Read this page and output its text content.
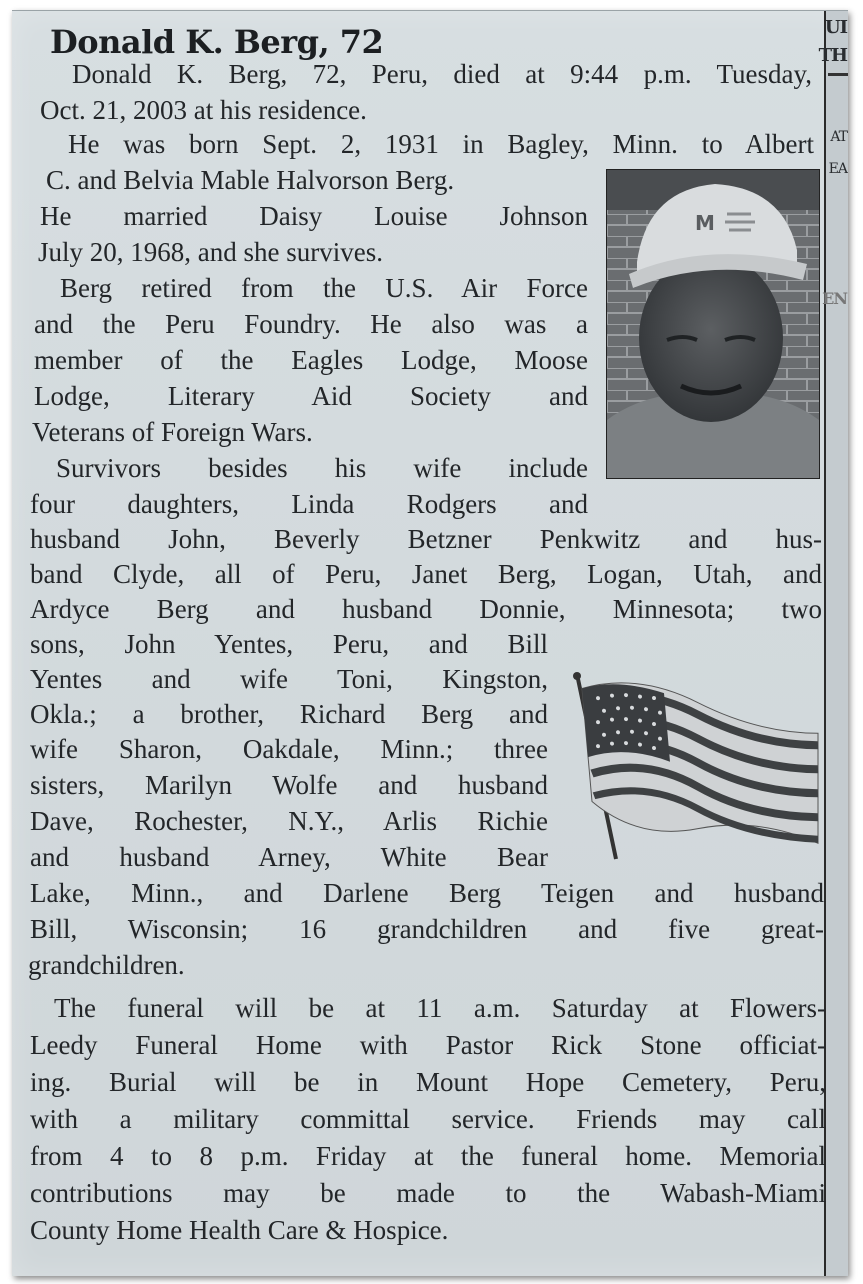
UI
TH
AT
EA
EN
Donald K. Berg, 72
M
Donald K. Berg, 72, Peru, died at 9:44 p.m. Tuesday,
Oct. 21, 2003 at his residence.
He was born Sept. 2, 1931 in Bagley, Minn. to Albert
C. and Belvia Mable Halvorson Berg.
He married Daisy Louise Johnson
July 20, 1968, and she survives.
Berg retired from the U.S. Air Force
and the Peru Foundry. He also was a
member of the Eagles Lodge, Moose
Lodge, Literary Aid Society and
Veterans of Foreign Wars.
Survivors besides his wife include
four daughters, Linda Rodgers and
husband John, Beverly Betzner Penkwitz and hus-
band Clyde, all of Peru, Janet Berg, Logan, Utah, and
Ardyce Berg and husband Donnie, Minnesota; two
sons, John Yentes, Peru, and Bill
Yentes and wife Toni, Kingston,
Okla.; a brother, Richard Berg and
wife Sharon, Oakdale, Minn.; three
sisters, Marilyn Wolfe and husband
Dave, Rochester, N.Y., Arlis Richie
and husband Arney, White Bear
Lake, Minn., and Darlene Berg Teigen and husband
Bill, Wisconsin; 16 grandchildren and five great-
grandchildren.
The funeral will be at 11 a.m. Saturday at Flowers-
Leedy Funeral Home with Pastor Rick Stone officiat-
ing. Burial will be in Mount Hope Cemetery, Peru,
with a military committal service. Friends may call
from 4 to 8 p.m. Friday at the funeral home. Memorial
contributions may be made to the Wabash-Miami
County Home Health Care & Hospice.
